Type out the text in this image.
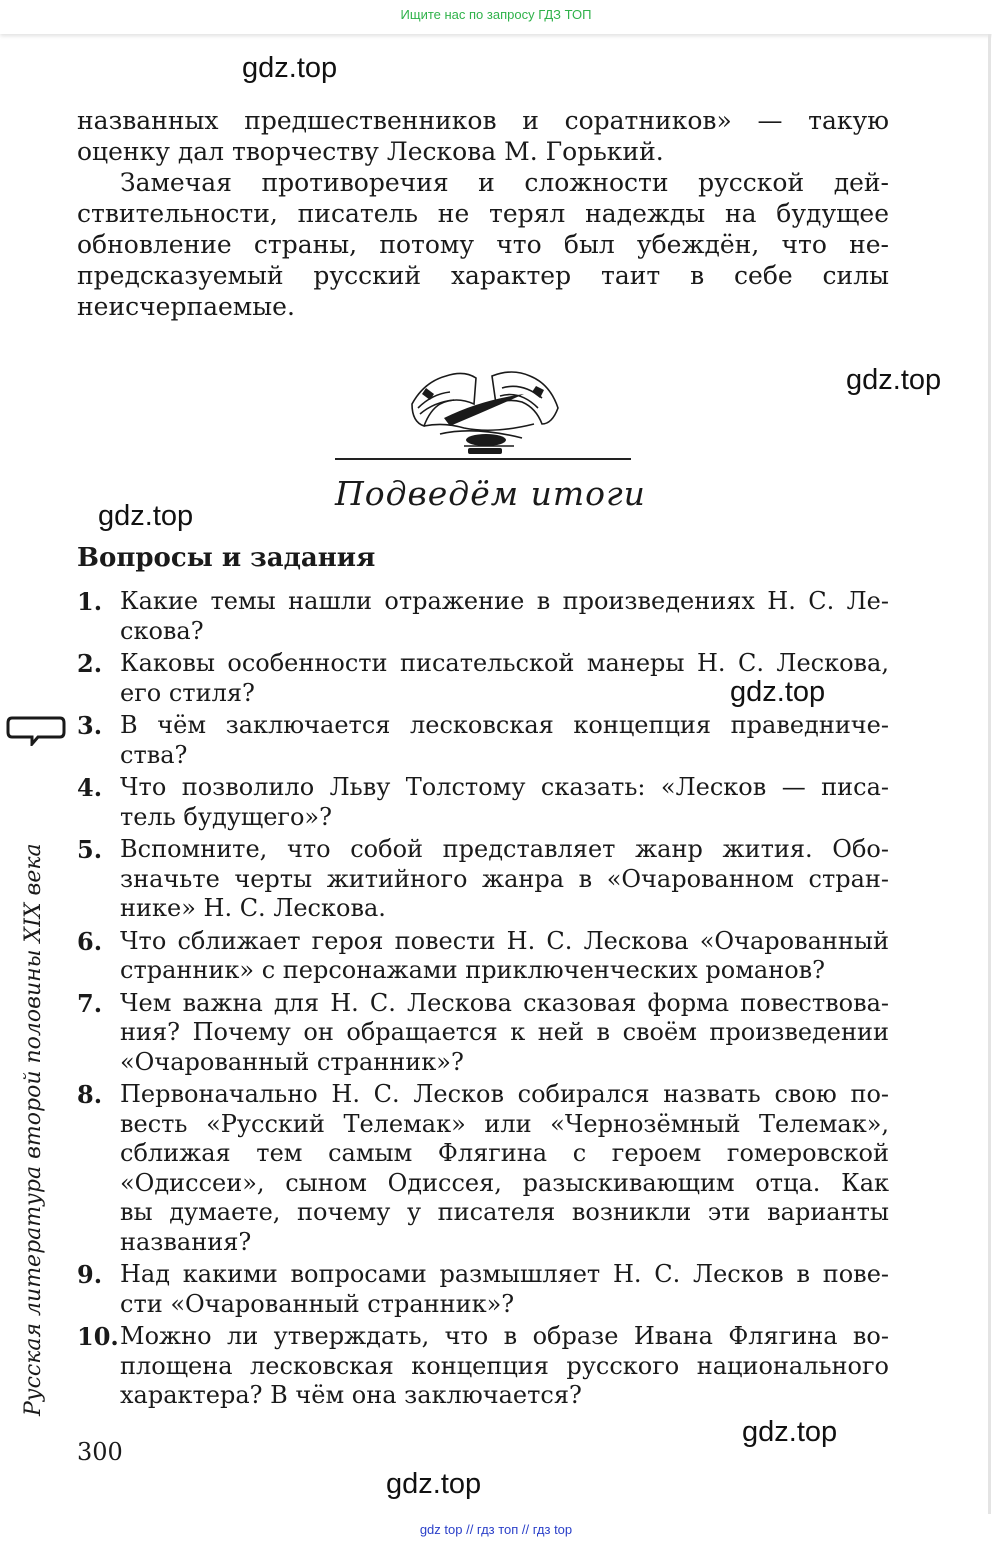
Ищите нас по запросу ГДЗ ТОП
gdz.top
gdz.top
gdz.top
gdz.top
gdz.top
gdz.top

названных предшественников и соратников» — такую
оценку дал творчеству Лескова М. Горький.

Замечая противоречия и сложности русской дей-
ствительности, писатель не терял надежды на будущее
обновление страны, потому что был убеждён, что не-
предсказуемый русский характер таит в себе силы
неисчерпаемые.

Подведём итоги
Вопросы и задания
1. Какие темы нашли отражение в произведениях Н. С. Ле-
скова?
2. Каковы особенности писательской манеры Н. С. Лескова,
его стиля?
3. В чём заключается лесковская концепция праведниче-
ства?
4. Что позволило Льву Толстому сказать: «Лесков — писа-
тель будущего»?
5. Вспомните, что собой представляет жанр жития. Обо-
значьте черты житийного жанра в «Очарованном стран-
нике» Н. С. Лескова.
6. Что сближает героя повести Н. С. Лескова «Очарованный
странник» с персонажами приключенческих романов?
7. Чем важна для Н. С. Лескова сказовая форма повествова-
ния? Почему он обращается к ней в своём произведении
«Очарованный странник»?
8. Первоначально Н. С. Лесков собирался назвать свою по-
весть «Русский Телемак» или «Чернозёмный Телемак»,
сближая тем самым Флягина с героем гомеровской
«Одиссеи», сыном Одиссея, разыскивающим отца. Как
вы думаете, почему у писателя возникли эти варианты
названия?
9. Над какими вопросами размышляет Н. С. Лесков в пове-
сти «Очарованный странник»?
10. Можно ли утверждать, что в образе Ивана Флягина во-
площена лесковская концепция русского национального
характера? В чём она заключается?
Русская литература второй половины XIX века
300
gdz top // гдз топ // гдз top
